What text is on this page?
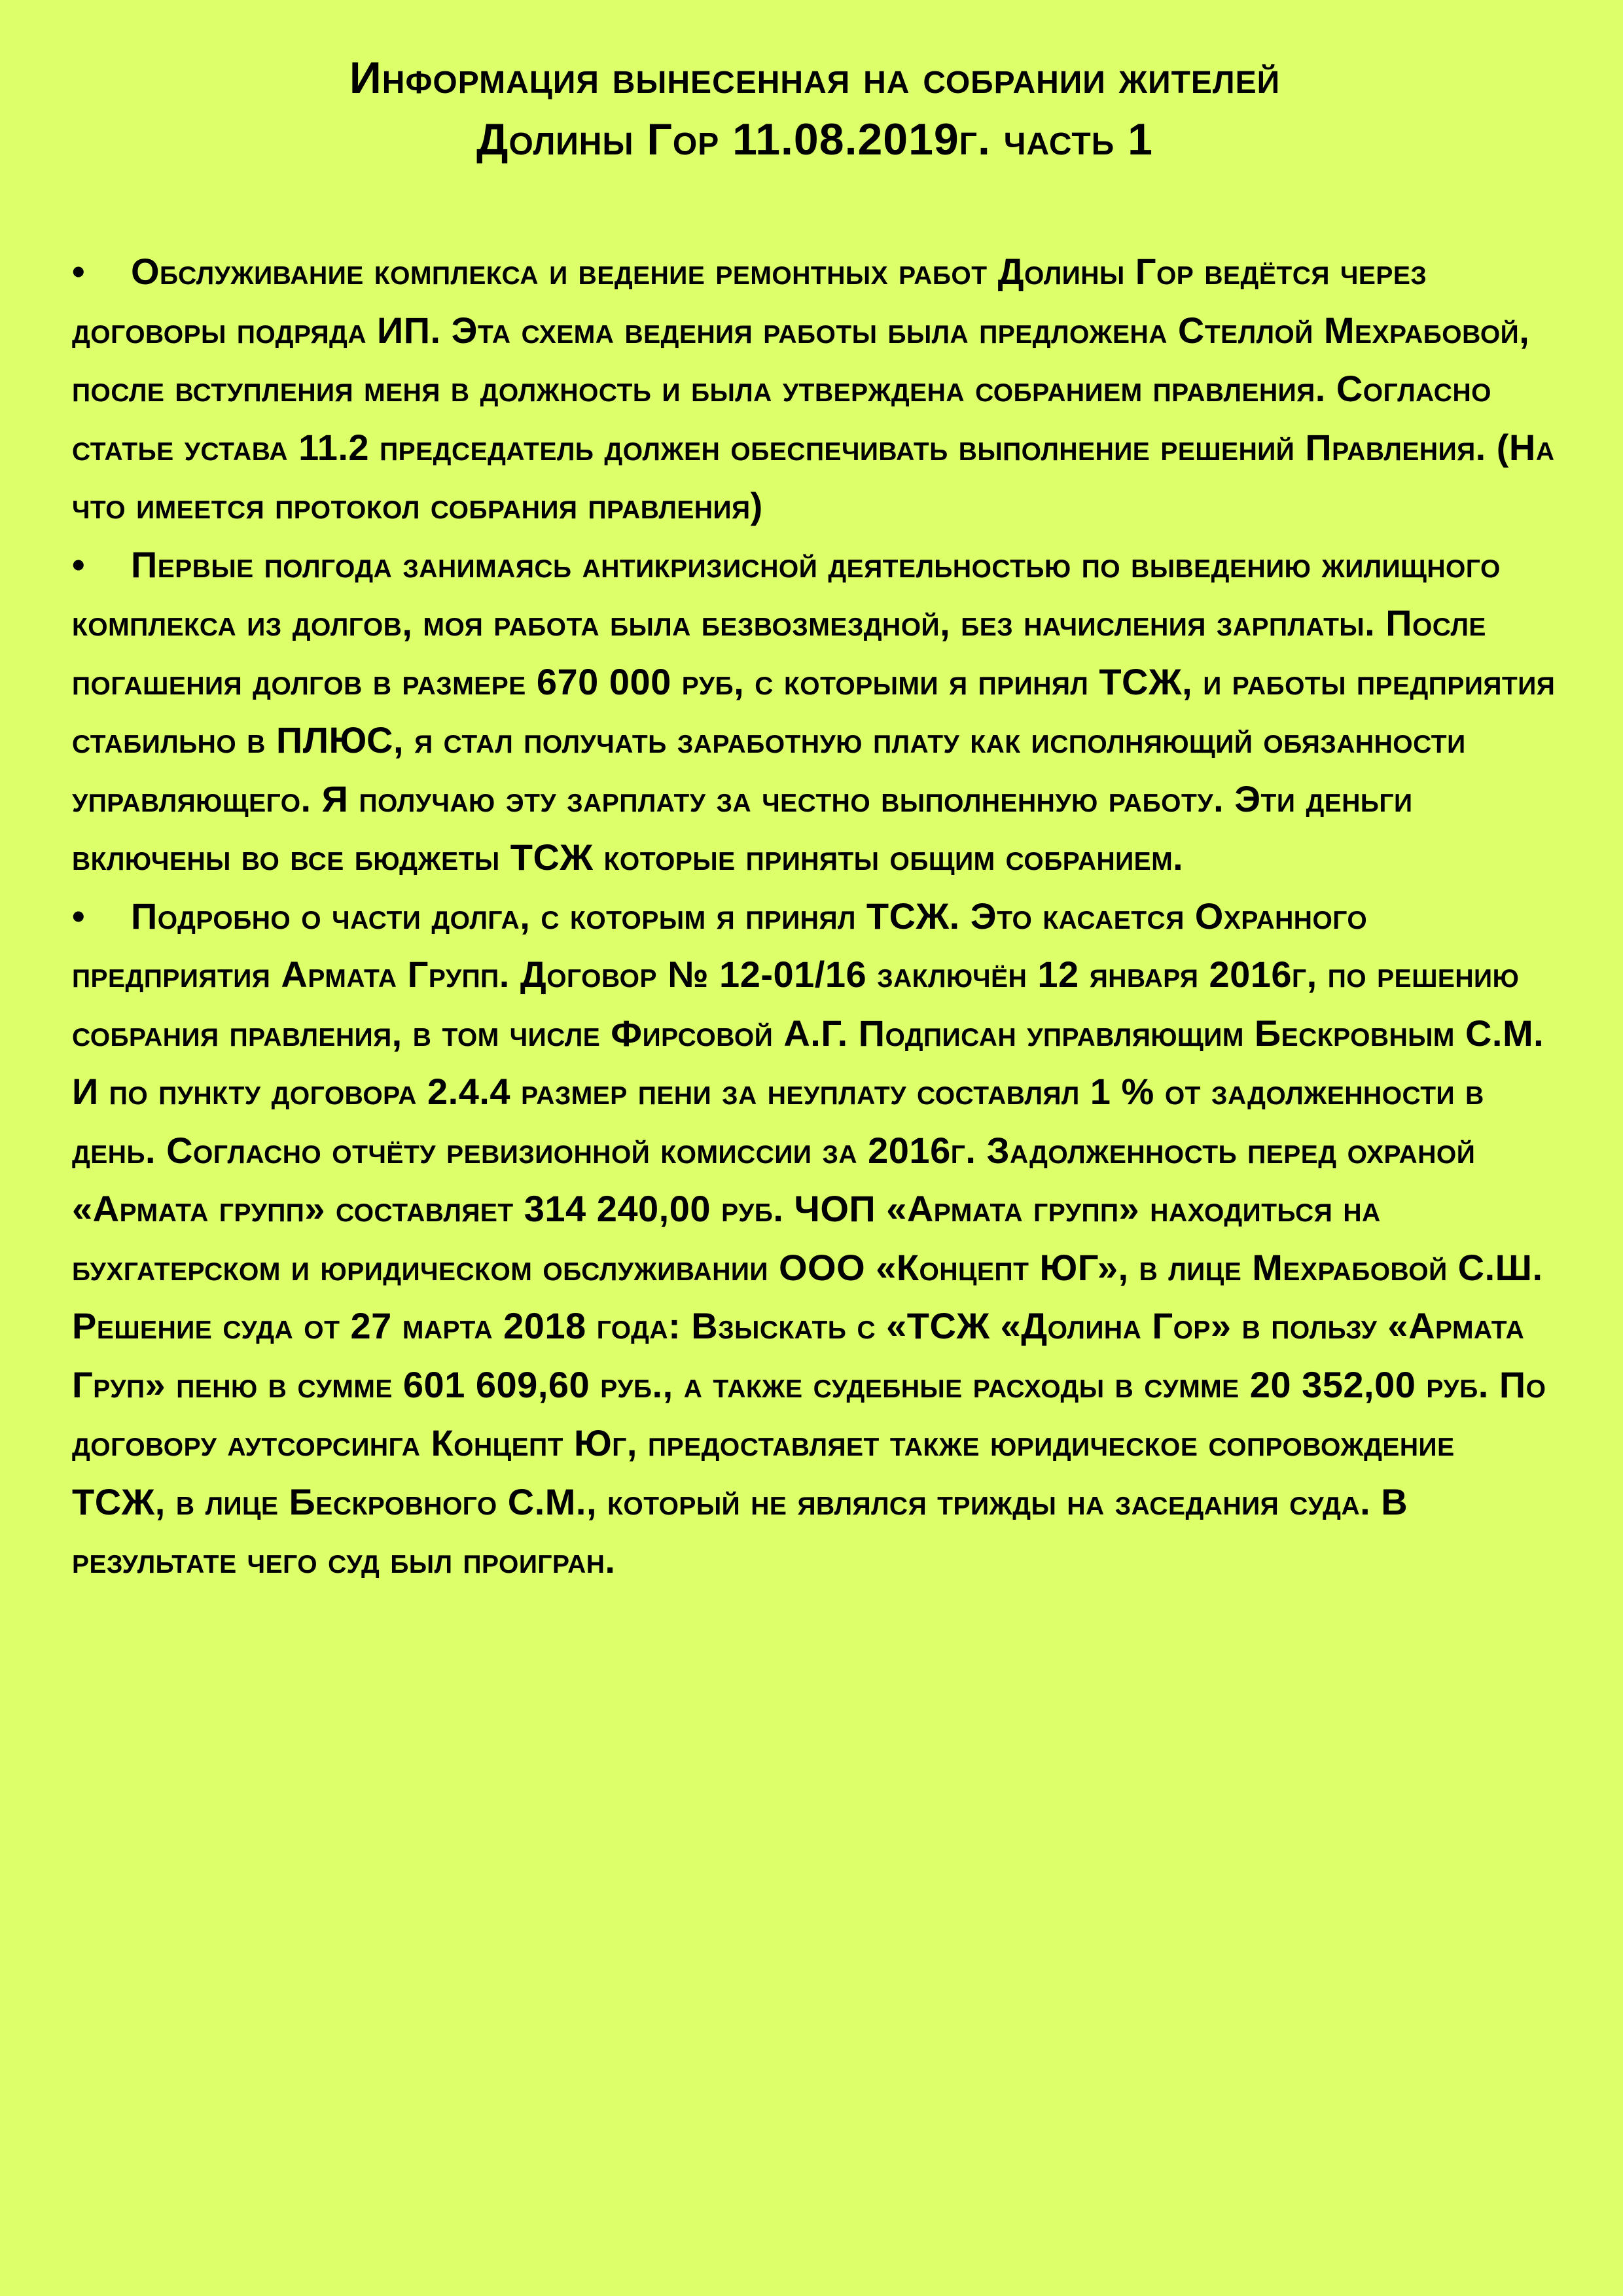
Информация вынесенная на собрании жителей
Долины Гор 11.08.2019г. часть 1
• Обслуживание комплекса и ведение ремонтных работ Долины Гор ведётся через договоры подряда ИП. Эта схема ведения работы была предложена Стеллой Мехрабовой, после вступления меня в должность и была утверждена собранием правления. Согласно статье устава 11.2 председатель должен обеспечивать выполнение решений Правления. (На что имеется протокол собрания правления)
• Первые полгода занимаясь антикризисной деятельностью по выведению жилищного комплекса из долгов, моя работа была безвозмездной, без начисления зарплаты. После погашения долгов в размере 670 000 руб, с которыми я принял ТСЖ, и работы предприятия стабильно в ПЛЮС, я стал получать заработную плату как исполняющий обязанности управляющего. Я получаю эту зарплату за честно выполненную работу. Эти деньги включены во все бюджеты ТСЖ которые приняты общим собранием.
• Подробно о части долга, с которым я принял ТСЖ. Это касается Охранного предприятия Армата Групп. Договор № 12-01/16 заключён 12 января 2016г, по решению собрания правления, в том числе Фирсовой А.Г. Подписан управляющим Бескровным С.М. И по пункту договора 2.4.4 размер пени за неуплату составлял 1 % от задолженности в день. Согласно отчёту ревизионной комиссии за 2016г. Задолженность перед охраной «Армата групп» составляет 314 240,00 руб. ЧОП «Армата групп» находиться на бухгатерском и юридическом обслуживании ООО «Концепт ЮГ», в лице Мехрабовой С.Ш. Решение суда от 27 марта 2018 года: Взыскать с «ТСЖ «Долина Гор» в пользу «Армата Груп» пеню в сумме 601 609,60 руб., а также судебные расходы в сумме 20 352,00 руб. По договору аутсорсинга Концепт Юг, предоставляет также юридическое сопровождение ТСЖ, в лице Бескровного С.М., который не являлся трижды на заседания суда. В результате чего суд был проигран.
